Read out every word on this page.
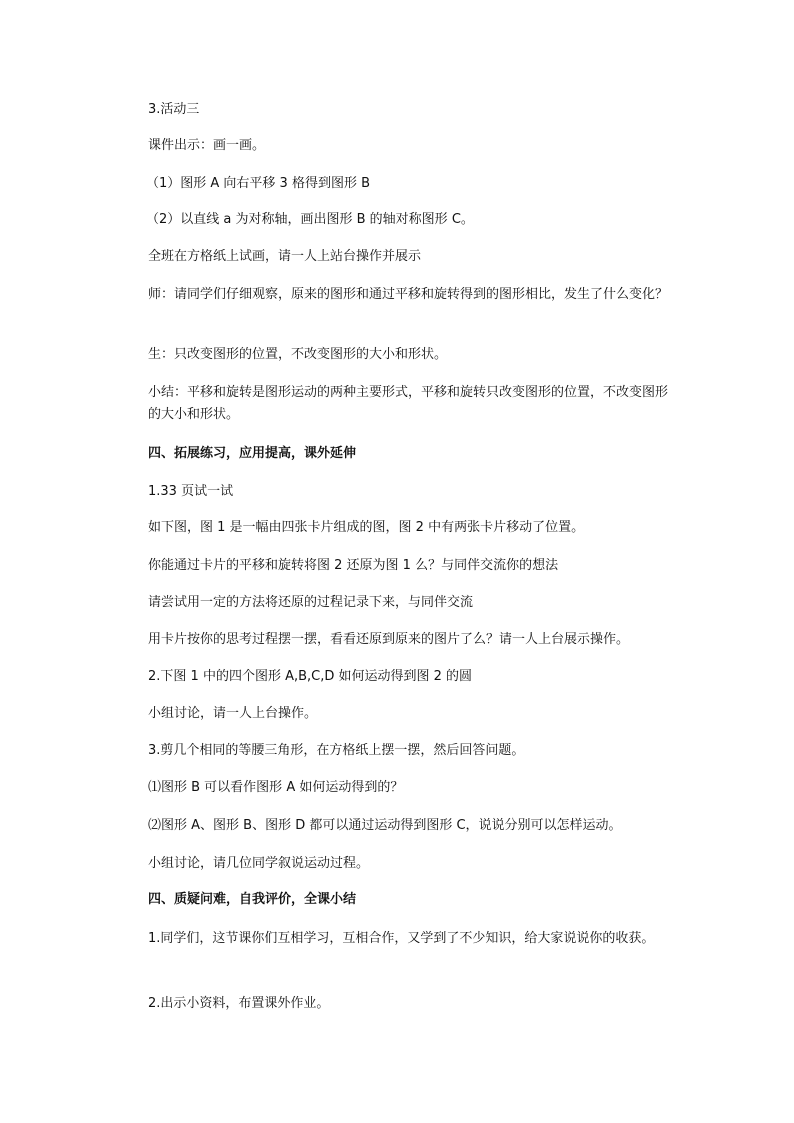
3.活动三
课件出示：画一画。
（1）图形 A 向右平移 3 格得到图形 B
（2）以直线 a 为对称轴，画出图形 B 的轴对称图形 C。
全班在方格纸上试画，请一人上站台操作并展示
师：请同学们仔细观察，原来的图形和通过平移和旋转得到的图形相比，发生了什么变化？
生：只改变图形的位置，不改变图形的大小和形状。
小结：平移和旋转是图形运动的两种主要形式，平移和旋转只改变图形的位置，不改变图形的大小和形状。
四、拓展练习，应用提高，课外延伸
1.33 页试一试
如下图，图 1 是一幅由四张卡片组成的图，图 2 中有两张卡片移动了位置。
你能通过卡片的平移和旋转将图 2 还原为图 1 么？与同伴交流你的想法
请尝试用一定的方法将还原的过程记录下来，与同伴交流
用卡片按你的思考过程摆一摆，看看还原到原来的图片了么？请一人上台展示操作。
2.下图 1 中的四个图形 A,B,C,D 如何运动得到图 2 的圆
小组讨论，请一人上台操作。
3.剪几个相同的等腰三角形，在方格纸上摆一摆，然后回答问题。
⑴图形 B 可以看作图形 A 如何运动得到的？
⑵图形 A、图形 B、图形 D 都可以通过运动得到图形 C，说说分别可以怎样运动。
小组讨论，请几位同学叙说运动过程。
四、质疑问难，自我评价，全课小结
1.同学们，这节课你们互相学习，互相合作，又学到了不少知识，给大家说说你的收获。
2.出示小资料，布置课外作业。
